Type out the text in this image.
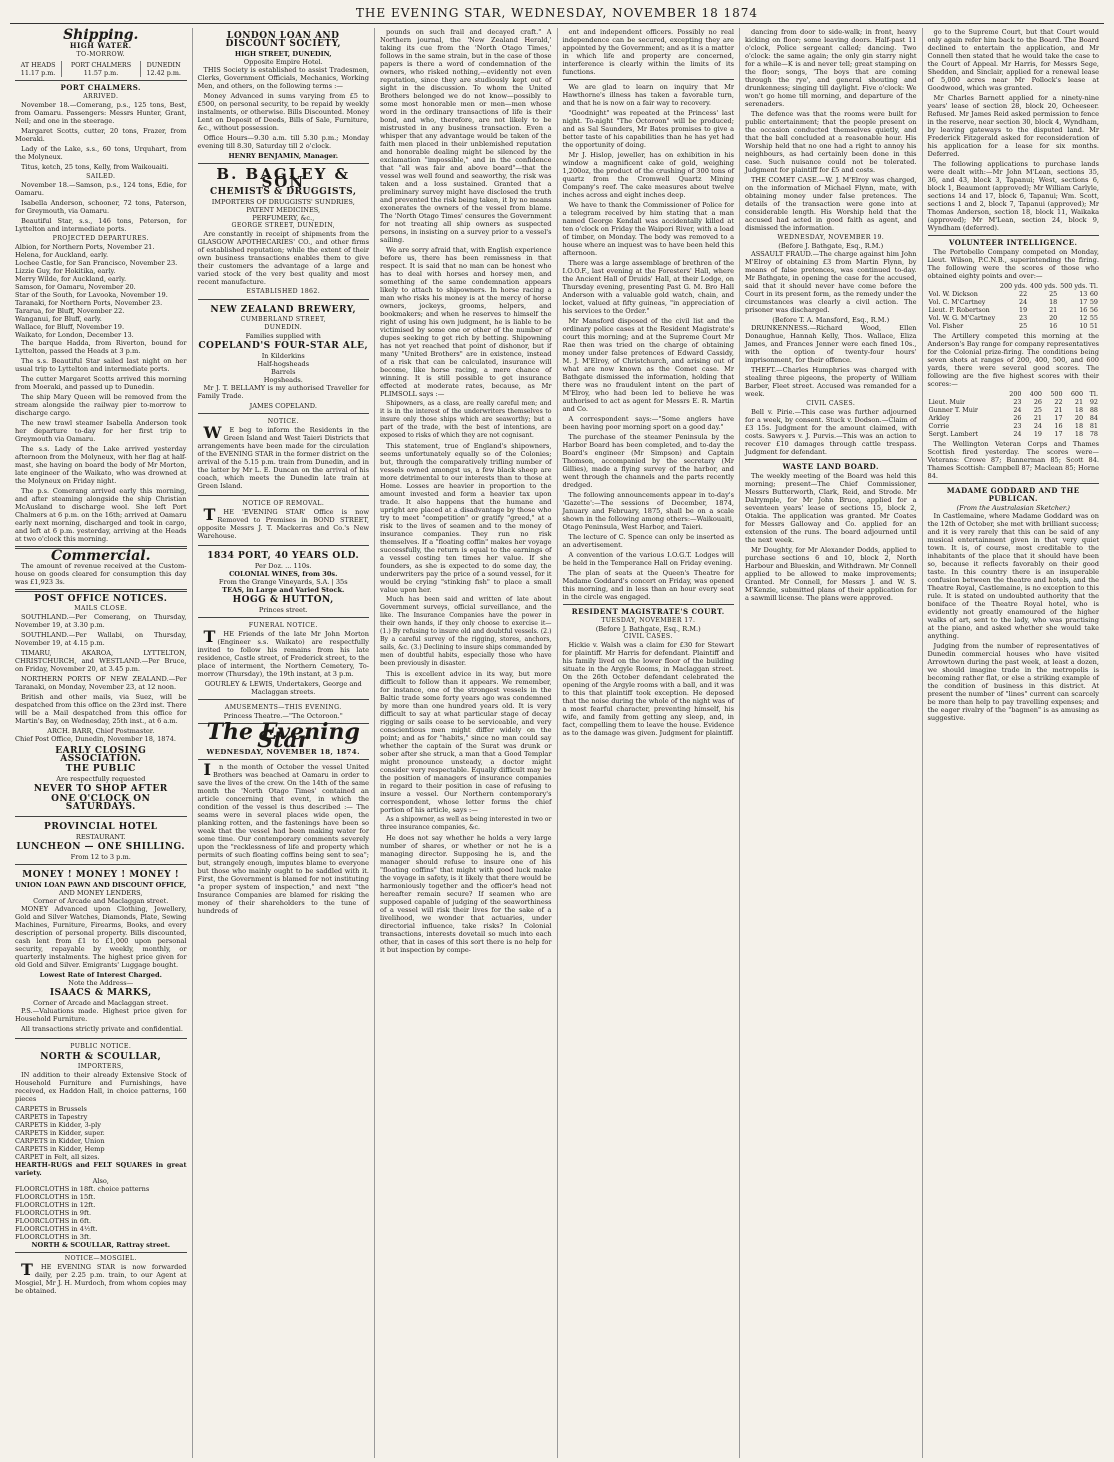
THE EVENING STAR, WEDNESDAY, NOVEMBER 18 1874
Shipping.
HIGH WATER.
TO-MORROW.
AT HEADS	PORT CHALMERS	DUNEDIN
11.17 p.m.	11.57 p.m.	12.42 p.m.
PORT CHALMERS.
ARRIVED.

November 18.—Comerang, p.s., 125 tons, Best, from Oamaru. Passengers: Messrs Hunter, Grant, Neil; and one in the steerage.

Margaret Scotts, cutter, 20 tons, Frazer, from Moeraki.

Lady of the Lake, s.s., 60 tons, Urquhart, from the Molyneux.

Titus, ketch, 25 tons, Kelly, from Waikouaiti.

SAILED.

November 18.—Samson, p.s., 124 tons, Edie, for Oamaru.

Isabella Anderson, schooner, 72 tons, Paterson, for Greymouth, via Oamaru.

Beautiful Star, s.s., 146 tons, Peterson, for Lyttelton and intermediate ports.

PROJECTED DEPARTURES.
Albion, for Northern Ports, November 21.
Helena, for Auckland, early.
Lochee Castle, for San Francisco, November 23.
Lizzie Guy, for Hokitika, early.
Merry Wilde, for Auckland, early.
Samson, for Oamaru, November 20.
Star of the South, for Lavooka, November 19.
Taranaki, for Northern Ports, November 23.
Tararua, for Bluff, November 22.
Wanganui, for Bluff, early.
Wallace, for Bluff, November 19.
Waikato, for London, December 13.

The barque Hadda, from Riverton, bound for Lyttelton, passed the Heads at 3 p.m.

The s.s. Beautiful Star sailed last night on her usual trip to Lyttelton and intermediate ports.

The cutter Margaret Scotts arrived this morning from Moeraki, and passed up to Dunedin.

The ship Mary Queen will be removed from the stream alongside the railway pier to-morrow to discharge cargo.

The new trawl steamer Isabella Anderson took her departure to-day for her first trip to Greymouth via Oamaru.

The s.s. Lady of the Lake arrived yesterday afternoon from the Molyneux, with her flag at half-mast, she having on board the body of Mr Morton, late engineer of the Waikato, who was drowned at the Molyneux on Friday night.

The p.s. Comerang arrived early this morning, and after steaming alongside the ship Christian McAusland to discharge wool. She left Port Chalmers at 6 p.m. on the 16th; arrived at Oamaru early next morning, discharged and took in cargo, and left at 6 p.m. yesterday, arriving at the Heads at two o'clock this morning.

Commercial.

The amount of revenue received at the Custom-house on goods cleared for consumption this day was £1,923 3s.

POST OFFICE NOTICES.
MAILS CLOSE.

SOUTHLAND.—Per Comerang, on Thursday, November 19, at 3.30 p.m.

SOUTHLAND.—Per Wallabi, on Thursday, November 19, at 4.15 p.m.

TIMARU, AKAROA, LYTTELTON, CHRISTCHURCH, and WESTLAND.—Per Bruce, on Friday, November 20, at 3.45 p.m.

NORTHERN PORTS OF NEW ZEALAND.—Per Taranaki, on Monday, November 23, at 12 noon.

British and other mails, via Suez, will be despatched from this office on the 23rd inst. There will be a Mail despatched from this office for Martin's Bay, on Wednesday, 25th inst., at 6 a.m.

ARCH. BARR, Chief Postmaster.
Chief Post Office, Dunedin, November 18, 1874.
EARLY CLOSING ASSOCIATION.
THE PUBLIC
Are respectfully requested
NEVER TO SHOP AFTER
ONE O'CLOCK ON SATURDAYS.
PROVINCIAL HOTEL
RESTAURANT.
LUNCHEON — ONE SHILLING.
From 12 to 3 p.m.
MONEY ! MONEY ! MONEY !
UNION LOAN PAWN AND DISCOUNT OFFICE,
AND MONEY LENDERS,
Corner of Arcade and Maclaggan street.

MONEY Advanced upon Clothing, Jewellery, Gold and Silver Watches, Diamonds, Plate, Sewing Machines, Furniture, Firearms, Books, and every description of personal property. Bills discounted, cash lent from £1 to £1,000 upon personal security, repayable by weekly, monthly, or quarterly instalments. The highest price given for old Gold and Silver. Emigrants' Luggage bought.

Lowest Rate of Interest Charged.
Note the Address—
ISAACS & MARKS,
Corner of Arcade and Maclaggan street.

P.S.—Valuations made. Highest price given for Household Furniture.

All transactions strictly private and confidential.

PUBLIC NOTICE.
NORTH & SCOULLAR,
IMPORTERS,

IN addition to their already Extensive Stock of Household Furniture and Furnishings, have received, ex Haddon Hall, in choice patterns, 160 pieces

CARPETS in Brussels
CARPETS in Tapestry
CARPETS in Kidder, 3-ply
CARPETS in Kidder, super.
CARPETS in Kidder, Union
CARPETS in Kidder, Hemp
CARPET in Felt, all sizes.
HEARTH-RUGS and FELT SQUARES in great variety.
Also,
FLOORCLOTHS in 18ft. choice patterns
FLOORCLOTHS in 15ft.
FLOORCLOTHS in 12ft.
FLOORCLOTHS in 9ft.
FLOORCLOTHS in 6ft.
FLOORCLOTHS in 4½ft.
FLOORCLOTHS in 3ft.
NORTH & SCOULLAR, Rattray street.
NOTICE—MOSGIEL.

THE EVENING STAR is now forwarded daily, per 2.25 p.m. train, to our Agent at Mosgiel, Mr J. H. Murdoch, from whom copies may be obtained.

LONDON LOAN AND DISCOUNT SOCIETY,
HIGH STREET, DUNEDIN,
Opposite Empire Hotel.

THIS Society is established to assist Tradesmen, Clerks, Government Officials, Mechanics, Working Men, and others, on the following terms :—

Money Advanced in sums varying from £5 to £500, on personal security, to be repaid by weekly instalments, or otherwise. Bills Discounted. Money Lent on Deposit of Deeds, Bills of Sale, Furniture, &c., without possession.

Office Hours—9.30 a.m. till 5.30 p.m.; Monday evening till 8.30, Saturday till 2 o'clock.

HENRY BENJAMIN, Manager.
B. BAGLEY & SON
CHEMISTS & DRUGGISTS,
IMPORTERS OF DRUGGISTS' SUNDRIES, PATENT MEDICINES,
PERFUMERY, &c.,
GEORGE STREET, DUNEDIN,

Are constantly in receipt of shipments from the GLASGOW APOTHECARIES' CO., and other firms of established reputation; while the extent of their own business transactions enables them to give their customers the advantage of a large and varied stock of the very best quality and most recent manufacture.

ESTABLISHED 1862.
NEW ZEALAND BREWERY,
CUMBERLAND STREET,
DUNEDIN.
Families supplied with
COPELAND'S FOUR-STAR ALE,
In Kilderkins
Half-hogsheads
Barrels
Hogsheads.

Mr J. T. BELLAMY is my authorised Traveller for Family Trade.

JAMES COPELAND.
NOTICE.

WE beg to inform the Residents in the Green Island and West Taieri Districts that arrangements have been made for the circulation of the EVENING STAR in the former district on the arrival of the 5.15 p.m. train from Dunedin, and in the latter by Mr L. E. Duncan on the arrival of his coach, which meets the Dunedin late train at Green Island.

NOTICE OF REMOVAL.

THE 'EVENING STAR' Office is now Removed to Premises in BOND STREET, opposite Messrs J. T. Mackerras and Co.'s New Warehouse.

1834 PORT, 40 YEARS OLD.
Per Doz. ... 110s.
COLONIAL WINES, from 30s.
From the Grange Vineyards, S.A. | 35s
TEAS, in Large and Varied Stock.
HOGG & HUTTON,
Princes street.
FUNERAL NOTICE.

THE Friends of the late Mr John Morton (Engineer s.s. Waikato) are respectfully invited to follow his remains from his late residence, Castle street, of Frederick street, to the place of interment, the Northern Cemetery, To-morrow (Thursday), the 19th instant, at 3 p.m.

GOURLEY & LEWIS, Undertakers, George and Maclaggan streets.
AMUSEMENTS—THIS EVENING.
Princess Theatre.—"The Octoroon."
The Evening Star
WEDNESDAY, NOVEMBER 18, 1874.

In the month of October the vessel United Brothers was beached at Oamaru in order to save the lives of the crew. On the 14th of the same month the 'North Otago Times' contained an article concerning that event, in which the condition of the vessel is thus described :— The seams were in several places wide open, the planking rotten, and the fastenings have been so weak that the vessel had been making water for some time. Our contemporary comments severely upon the "recklessness of life and property which permits of such floating coffins being sent to sea"; but, strangely enough, imputes blame to everyone but those who mainly ought to be saddled with it. First, the Government is blamed for not instituting "a proper system of inspection," and next "the Insurance Companies are blamed for risking the money of their shareholders to the tune of hundreds of

pounds on such frail and decayed craft." A Northern journal, the 'New Zealand Herald,' taking its cue from the 'North Otago Times,' follows in the same strain, but in the case of those papers is there a word of condemnation of the owners, who risked nothing,—evidently not even reputation, since they are studiously kept out of sight in the discussion. To whom the United Brothers belonged we do not know—possibly to some most honorable men or men—men whose word in the ordinary transactions of life is their bond, and who, therefore, are not likely to be mistrusted in any business transaction. Even a whisper that any advantage would be taken of the faith men placed in their unblemished reputation and honorable dealing might be silenced by the exclamation "impossible," and in the confidence that "all was fair and above board"—that the vessel was well found and seaworthy, the risk was taken and a loss sustained. Granted that a preliminary survey might have disclosed the truth and prevented the risk being taken, it by no means exonerates the owners of the vessel from blame. The 'North Otago Times' censures the Government for not treating all ship owners as suspected persons, in insisting on a survey prior to a vessel's sailing.

We are sorry afraid that, with English experience before us, there has been remissness in that respect. It is said that no man can be honest who has to deal with horses and horsey men, and something of the same condemnation appears likely to attach to shipowners. In horse racing a man who risks his money is at the mercy of horse owners, jockeys, grooms, helpers, and bookmakers; and when he reserves to himself the right of using his own judgment, he is liable to be victimised by some one or other of the number of dupes seeking to get rich by betting. Shipowning has not yet reached that point of dishonor, but if many "United Brothers" are in existence, instead of a risk that can be calculated, insurance will become, like horse racing, a mere chance of winning. It is still possible to get insurance effected at moderate rates, because, as Mr PLIMSOLL says :—

Shipowners, as a class, are really careful men; and it is in the interest of the underwriters themselves to insure only those ships which are seaworthy; but a part of the trade, with the best of intentions, are exposed to risks of which they are not cognisant.

This statement, true of England's shipowners, seems unfortunately equally so of the Colonies; but, through the comparatively trifling number of vessels owned amongst us, a few black sheep are more detrimental to our interests than to those at Home. Losses are heavier in proportion to the amount invested and form a heavier tax upon trade. It also happens that the humane and upright are placed at a disadvantage by those who try to meet "competition" or gratify "greed," at a risk to the lives of seamen and to the money of insurance companies. They run no risk themselves. If a "floating coffin" makes her voyage successfully, the return is equal to the earnings of a vessel costing ten times her value. If she founders, as she is expected to do some day, the underwriters pay the price of a sound vessel, for it would be crying "stinking fish" to place a small value upon her.

Much has been said and written of late about Government surveys, official surveillance, and the like. The Insurance Companies have the power in their own hands, if they only choose to exercise it—(1.) By refusing to insure old and doubtful vessels. (2.) By a careful survey of the rigging, stores, anchors, sails, &c. (3.) Declining to insure ships commanded by men of doubtful habits, especially those who have been previously in disaster.

This is excellent advice in its way, but more difficult to follow than it appears. We remember, for instance, one of the strongest vessels in the Baltic trade some forty years ago was condemned by more than one hundred years old. It is very difficult to say at what particular stage of decay rigging or sails cease to be serviceable, and very conscientious men might differ widely on the point; and as for "habits," since no man could say whether the captain of the Surat was drunk or sober after she struck, a man that a Good Templar might pronounce unsteady, a doctor might consider very respectable. Equally difficult may be the position of managers of insurance companies in regard to their position in case of refusing to insure a vessel. Our Northern contemporary's correspondent, whose letter forms the chief portion of his article, says :—

As a shipowner, as well as being interested in two or three insurance companies, &c.

He does not say whether he holds a very large number of shares, or whether or not he is a managing director. Supposing he is, and the manager should refuse to insure one of his "floating coffins" that might with good luck make the voyage in safety, is it likely that there would be harmoniously together and the officer's head not hereafter remain secure? If seamen who are supposed capable of judging of the seaworthiness of a vessel will risk their lives for the sake of a livelihood, we wonder that actuaries, under directorial influence, take risks? In Colonial transactions, interests dovetail so much into each other, that in cases of this sort there is no help for it but inspection by compe-

ent and independent officers. Possibly no real independence can be secured, excepting they are appointed by the Government; and as it is a matter in which life and property are concerned, interference is clearly within the limits of its functions.

We are glad to learn on inquiry that Mr Hawthorne's illness has taken a favorable turn, and that he is now on a fair way to recovery.

"Goodnight" was repeated at the Princess' last night. To-night "The Octoroon" will be produced; and as Sal Saunders, Mr Bates promises to give a better taste of his capabilities than he has yet had the opportunity of doing.

Mr J. Hislop, jeweller, has on exhibition in his window a magnificent cake of gold, weighing 1,200oz, the product of the crushing of 300 tons of quartz from the Cromwell Quartz Mining Company's reef. The cake measures about twelve inches across and eight inches deep.

We have to thank the Commissioner of Police for a telegram received by him stating that a man named George Kendall was accidentally killed at ten o'clock on Friday the Waipori River, with a load of timber, on Monday. The body was removed to a house where an inquest was to have been held this afternoon.

There was a large assemblage of brethren of the I.O.O.F., last evening at the Foresters' Hall, where the Ancient Hall of Druids' Hall, at their Lodge, on Thursday evening, presenting Past G. M. Bro Hall Anderson with a valuable gold watch, chain, and locket, valued at fifty guineas, "in appreciation of his services to the Order."

Mr Mansford disposed of the civil list and the ordinary police cases at the Resident Magistrate's court this morning; and at the Supreme Court Mr Rae then was tried on the charge of obtaining money under false pretences of Edward Cassidy, M. J. M'Elroy, of Christchurch, and arising out of what are now known as the Comet case. Mr Bathgate dismissed the information, holding that there was no fraudulent intent on the part of M'Elroy, who had been led to believe he was authorised to act as agent for Messrs E. R. Martin and Co.

A correspondent says:—"Some anglers have been having poor morning sport on a good day."

The purchase of the steamer Peninsula by the Harbor Board has been completed, and to-day the Board's engineer (Mr Simpson) and Captain Thomson, accompanied by the secretary (Mr Gillies), made a flying survey of the harbor, and went through the channels and the parts recently dredged.

The following announcements appear in to-day's 'Gazette':—The sessions of December, 1874, January and February, 1875, shall be on a scale shown in the following among others:—Waikouaiti, Otago Peninsula, West Harbor, and Taieri.

The lecture of C. Spence can only be inserted as an advertisement.

A convention of the various I.O.G.T. Lodges will be held in the Temperance Hall on Friday evening.

The plan of seats at the Queen's Theatre for Madame Goddard's concert on Friday, was opened this morning, and in less than an hour every seat in the circle was engaged.

RESIDENT MAGISTRATE'S COURT.
TUESDAY, NOVEMBER 17.
(Before J. Bathgate, Esq., R.M.)
CIVIL CASES.

Hickie v. Walsh was a claim for £30 for Stewart for plaintiff. Mr Harris for defendant. Plaintiff and his family lived on the lower floor of the building situate in the Argyle Rooms, in Maclaggan street. On the 26th October defendant celebrated the opening of the Argyle rooms with a ball, and it was to this that plaintiff took exception. He deposed that the noise during the whole of the night was of a most fearful character, preventing himself, his wife, and family from getting any sleep, and, in fact, compelling them to leave the house. Evidence as to the damage was given. Judgment for plaintiff.

dancing from door to side-walk; in front, heavy kicking on floor; some leaving doors. Half-past 11 o'clock, Police sergeant called; dancing. Two o'clock: the same again; the only gin starry night for a while—K is and never tell; great stamping on the floor; songs, 'The boys that are coming through the rye', and general shouting and drunkenness; singing till daylight. Five o'clock: We won't go home till morning, and departure of the serenaders.

The defence was that the rooms were built for public entertainment; that the people present on the occasion conducted themselves quietly, and that the ball concluded at a reasonable hour. His Worship held that no one had a right to annoy his neighbours, as had certainly been done in this case. Such nuisance could not be tolerated. Judgment for plaintiff for £5 and costs.

THE COMET CASE.—W. J. M'Elroy was charged, on the information of Michael Flynn, mate, with obtaining money under false pretences. The details of the transaction were gone into at considerable length. His Worship held that the accused had acted in good faith as agent, and dismissed the information.

WEDNESDAY, NOVEMBER 19.
(Before J. Bathgate, Esq., R.M.)

ASSAULT FRAUD.—The charge against him John M'Elroy of obtaining £3 from Martin Flynn, by means of false pretences, was continued to-day. Mr Bathgate, in opening the case for the accused, said that it should never have come before the Court in its present form, as the remedy under the circumstances was clearly a civil action. The prisoner was discharged.

(Before T. A. Mansford, Esq., R.M.)

DRUNKENNESS.—Richard Wood, Ellen Donaughue, Hannah Kelly, Thos. Wallace, Eliza James, and Frances Jenner were each fined 10s., with the option of twenty-four hours' imprisonment, for their offence.

THEFT.—Charles Humphries was charged with stealing three pigeons, the property of William Barber, Fleet street. Accused was remanded for a week.

CIVIL CASES.

Bell v. Pirie.—This case was further adjourned for a week, by consent. Stuck v. Dodson.—Claim of £3 15s. Judgment for the amount claimed, with costs. Sawyers v. J. Purvis.—This was an action to recover £10 damages through cattle trespass. Judgment for defendant.

WASTE LAND BOARD.

The weekly meeting of the Board was held this morning; present—The Chief Commissioner, Messrs Butterworth, Clark, Reid, and Strode. Mr Dalrymple, for Mr John Bruce, applied for a seventeen years' lease of sections 15, block 2, Otakia. The application was granted. Mr Coates for Messrs Galloway and Co. applied for an extension of the runs. The board adjourned until the next week.

Mr Doughty, for Mr Alexander Dodds, applied to purchase sections 6 and 10, block 2, North Harbour and Blueskin, and Withdrawn. Mr Connell applied to be allowed to make improvements; Granted. Mr Connell, for Messrs J. and W. S. M'Kenzie, submitted plans of their application for a sawmill license. The plans were approved.

go to the Supreme Court, but that Court would only again refer him back to the Board. The Board declined to entertain the application, and Mr Connell then stated that he would take the case to the Court of Appeal. Mr Harris, for Messrs Sege, Shedden, and Sinclair, applied for a renewal lease of 5,000 acres near Mr Pollock's lease at Goodwood, which was granted.

Mr Charles Barnett applied for a ninety-nine years' lease of section 28, block 20, Ocheeseer. Refused. Mr James Reid asked permission to fence in the reserve, near section 30, block 4, Wyndham, by leaving gateways to the disputed land. Mr Frederick Fitzgerald asked for reconsideration of his application for a lease for six months. Deferred.

The following applications to purchase lands were dealt with:—Mr John M'Lean, sections 35, 36, and 43, block 3, Tapanui; West, sections 6, block 1, Beaumont (approved); Mr William Carlyle, sections 14 and 17, block 6, Tapanui; Wm. Scott, sections 1 and 2, block 7, Tapanui (approved); Mr Thomas Anderson, section 18, block 11, Waikaka (approved); Mr M'Lean, section 24, block 9, Wyndham (deferred).

VOLUNTEER INTELLIGENCE.

The Portobello Company competed on Monday, Lieut. Wilson, P.C.N.B., superintending the firing. The following were the scores of those who obtained eighty points and over:—

	200 yds.	400 yds.	500 yds.	Tl.
Vol. W. Dickson	22	25	13	60
Vol. C. M'Cartney	24	18	17	59
Lieut. P. Robertson	19	21	16	56
Vol. W. G. M'Cartney	23	20	12	55
Vol. Fisher	25	16	10	51

The Artillery competed this morning at the Anderson's Bay range for company representatives for the Colonial prize-firing. The conditions being seven shots at ranges of 200, 400, 500, and 600 yards, there were several good scores. The following are the five highest scores with their scores:—

	200	400	500	600	Tl.
Lieut. Muir	23	26	22	21	92
Gunner T. Muir	24	25	21	18	88
Arkley	26	21	17	20	84
Corrie	23	24	16	18	81
Sergt. Lambert	24	19	17	18	78

The Wellington Veteran Corps and Thames Scottish fired yesterday. The scores were—Veterans: Crowe 87; Bannerman 85; Scott 84. Thames Scottish: Campbell 87; Maclean 85; Horne 84.

MADAME GODDARD AND THE PUBLICAN.
(From the Australasian Sketcher.)

In Castlemaine, where Madame Goddard was on the 12th of October, she met with brilliant success; and it is very rarely that this can be said of any musical entertainment given in that very quiet town. It is, of course, most creditable to the inhabitants of the place that it should have been so, because it reflects favorably on their good taste. In this country there is an insuperable confusion between the theatre and hotels, and the Theatre Royal, Castlemaine, is no exception to this rule. It is stated on undoubted authority that the boniface of the Theatre Royal hotel, who is evidently not greatly enamoured of the higher walks of art, sent to the lady, who was practising at the piano, and asked whether she would take anything.

Judging from the number of representatives of Dunedin commercial houses who have visited Arrowtown during the past week, at least a dozen, we should imagine trade in the metropolis is becoming rather flat, or else a striking example of the condition of business in this district. At present the number of "lines" current can scarcely be more than help to pay travelling expenses; and the eager rivalry of the "bagmen" is as amusing as suggestive.
